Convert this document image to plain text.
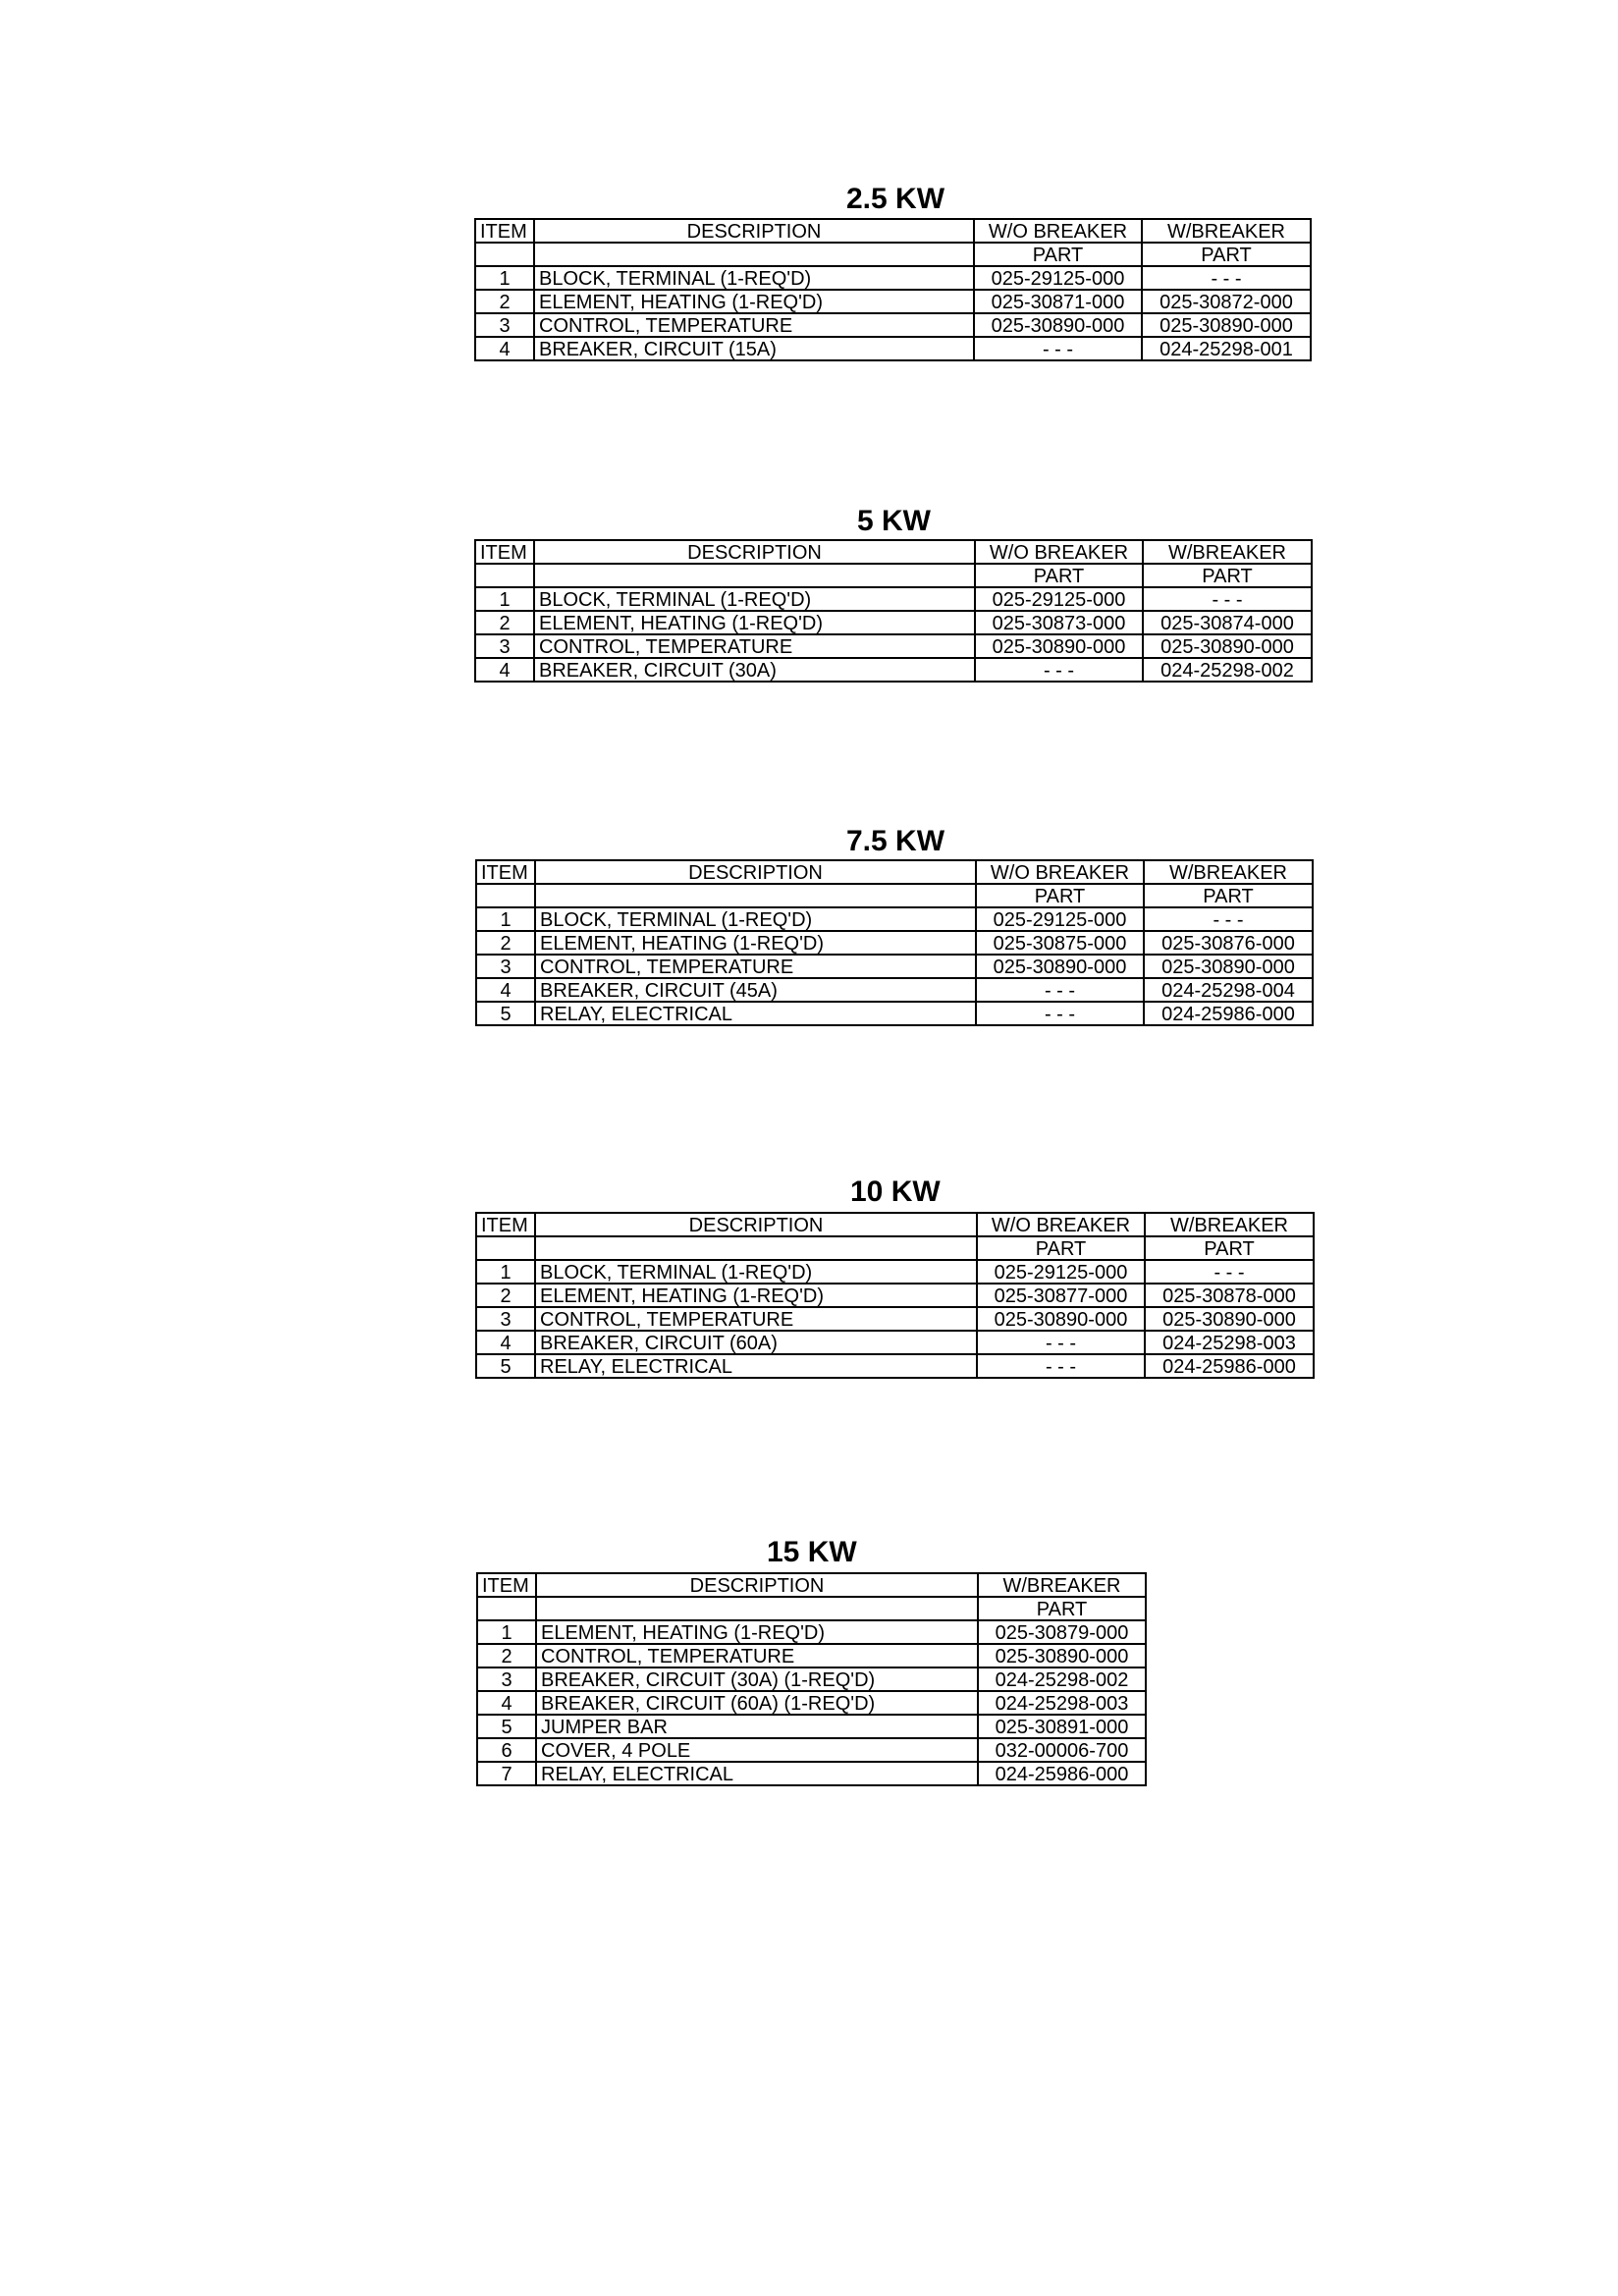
2.5 KW
ITEM	DESCRIPTION	W/O BREAKER	W/BREAKER
		PART	PART
1	BLOCK, TERMINAL (1-REQ'D)	025-29125-000	- - -
2	ELEMENT, HEATING (1-REQ'D)	025-30871-000	025-30872-000
3	CONTROL, TEMPERATURE	025-30890-000	025-30890-000
4	BREAKER, CIRCUIT (15A)	- - -	024-25298-001
5 KW
ITEM	DESCRIPTION	W/O BREAKER	W/BREAKER
		PART	PART
1	BLOCK, TERMINAL (1-REQ'D)	025-29125-000	- - -
2	ELEMENT, HEATING (1-REQ'D)	025-30873-000	025-30874-000
3	CONTROL, TEMPERATURE	025-30890-000	025-30890-000
4	BREAKER, CIRCUIT (30A)	- - -	024-25298-002
7.5 KW
ITEM	DESCRIPTION	W/O BREAKER	W/BREAKER
		PART	PART
1	BLOCK, TERMINAL (1-REQ'D)	025-29125-000	- - -
2	ELEMENT, HEATING (1-REQ'D)	025-30875-000	025-30876-000
3	CONTROL, TEMPERATURE	025-30890-000	025-30890-000
4	BREAKER, CIRCUIT (45A)	- - -	024-25298-004
5	RELAY, ELECTRICAL	- - -	024-25986-000
10 KW
ITEM	DESCRIPTION	W/O BREAKER	W/BREAKER
		PART	PART
1	BLOCK, TERMINAL (1-REQ'D)	025-29125-000	- - -
2	ELEMENT, HEATING (1-REQ'D)	025-30877-000	025-30878-000
3	CONTROL, TEMPERATURE	025-30890-000	025-30890-000
4	BREAKER, CIRCUIT (60A)	- - -	024-25298-003
5	RELAY, ELECTRICAL	- - -	024-25986-000
15 KW
ITEM	DESCRIPTION	W/BREAKER
		PART
1	ELEMENT, HEATING (1-REQ'D)	025-30879-000
2	CONTROL, TEMPERATURE	025-30890-000
3	BREAKER, CIRCUIT (30A) (1-REQ'D)	024-25298-002
4	BREAKER, CIRCUIT (60A) (1-REQ'D)	024-25298-003
5	JUMPER BAR	025-30891-000
6	COVER, 4 POLE	032-00006-700
7	RELAY, ELECTRICAL	024-25986-000
